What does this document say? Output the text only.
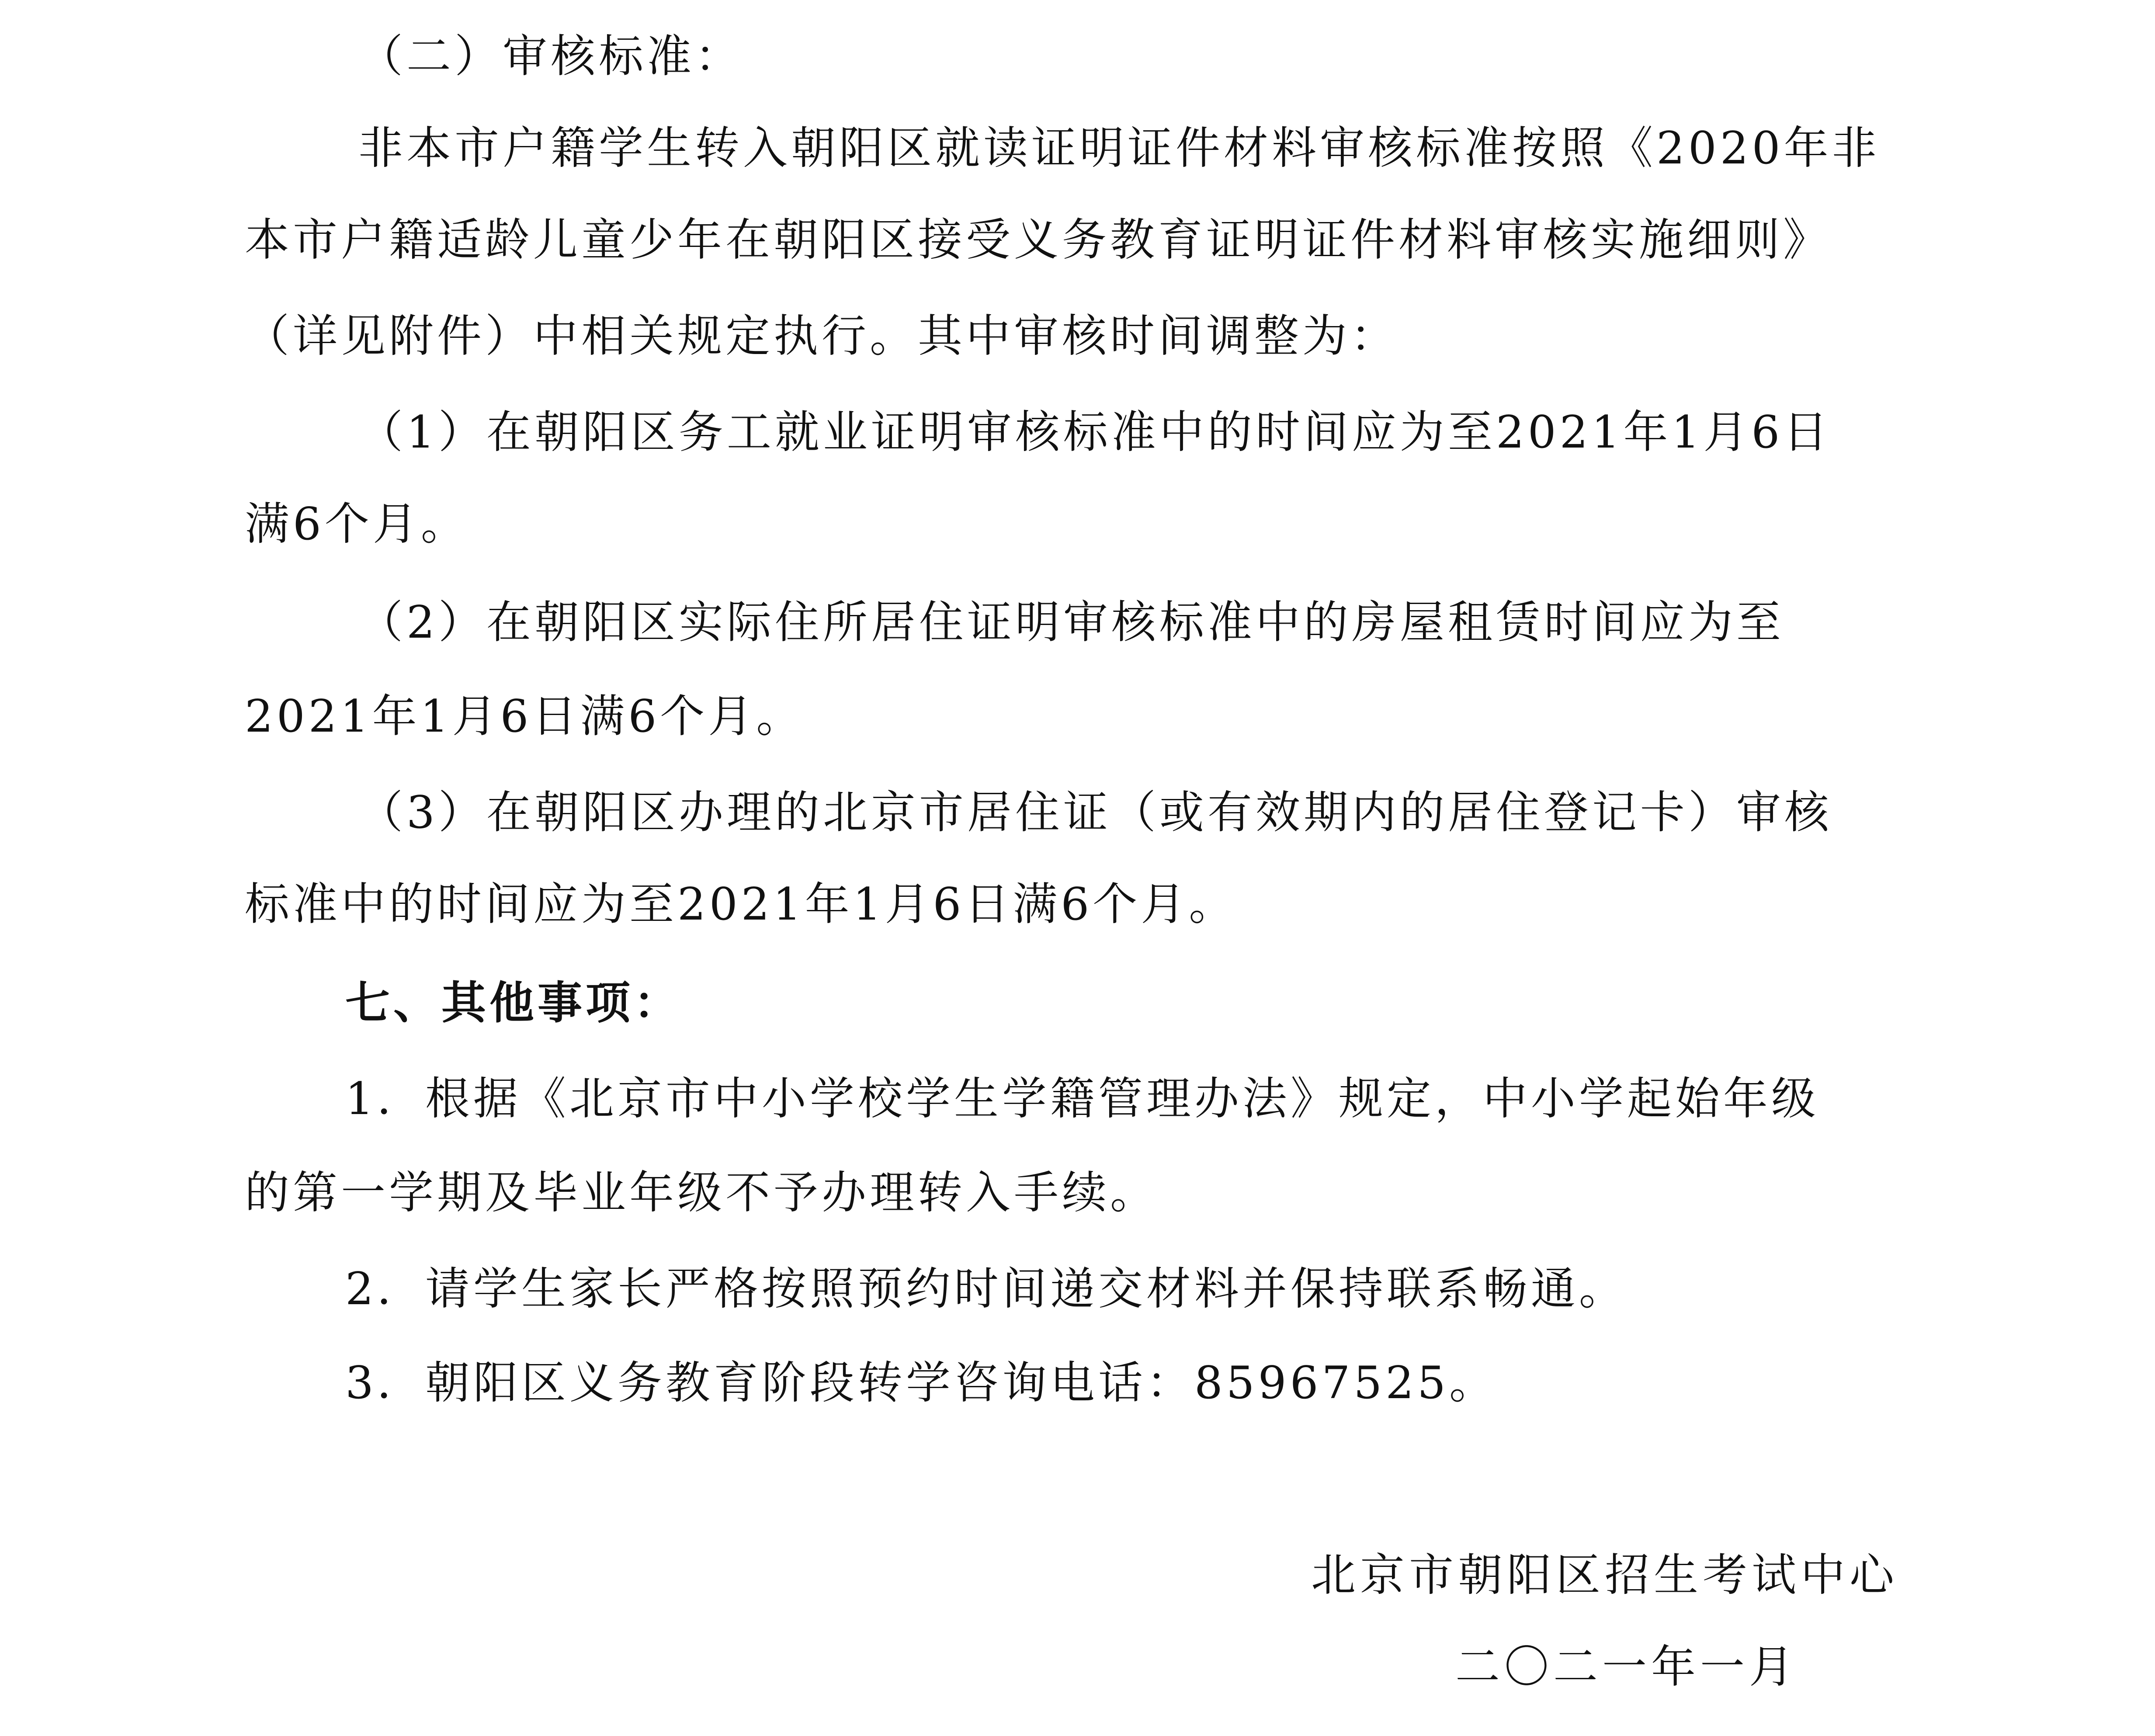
（二）审核标准：
非本市户籍学生转入朝阳区就读证明证件材料审核标准按照《2020年非
本市户籍适龄儿童少年在朝阳区接受义务教育证明证件材料审核实施细则》
（详见附件）中相关规定执行。其中审核时间调整为：
（1）在朝阳区务工就业证明审核标准中的时间应为至2021年1月6日
满6个月。
（2）在朝阳区实际住所居住证明审核标准中的房屋租赁时间应为至
2021年1月6日满6个月。
（3）在朝阳区办理的北京市居住证（或有效期内的居住登记卡）审核
标准中的时间应为至2021年1月6日满6个月。
七、其他事项：
1．根据《北京市中小学校学生学籍管理办法》规定，中小学起始年级
的第一学期及毕业年级不予办理转入手续。
2．请学生家长严格按照预约时间递交材料并保持联系畅通。
3．朝阳区义务教育阶段转学咨询电话：85967525。
北京市朝阳区招生考试中心
二〇二一年一月
